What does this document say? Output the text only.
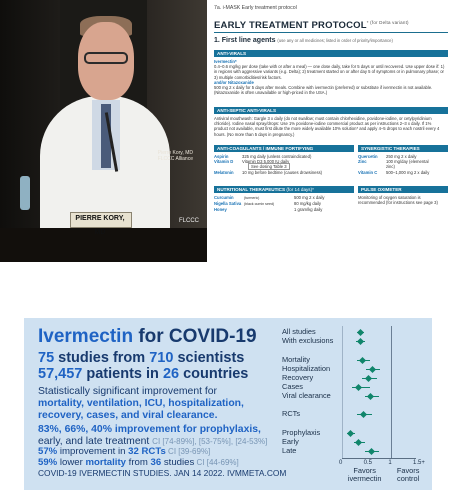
PIERRE KORY, MD
Pierre Kory, MD
FLCCC Alliance
FLCCC
7a. i-MASK Early treatment protocol
EARLY TREATMENT $PROTOCOL^{* (for Delta variant)}$
1. First line agents (use any or all medicines; listed in order of priority/importance)
ANTI-VIRALS
Ivermectin*
0.4–0.6 mg/kg per dose (take with or after a meal) — one dose daily, take for 5 days or until recovered. Use upper dose if: 1) in regions with aggressive variants (e.g. Delta); 2) treatment started on or after day 5 of symptoms or in pulmonary phase; or 3) multiple comorbidities/risk factors.
and/or Nitazoxanide
500 mg 2 x daily for 5 days after meals. Combine with ivermectin (preferred) or substitute if ivermectin is not available. (Nitazoxanide is often unavailable or high-priced in the USA.)
ANTI-SEPTIC ANTI-VIRALS
Antiviral mouthwash: Gargle 3 x daily (do not swallow; must contain chlorhexidine, povidone-iodine, or cetylpyridinium chloride). Iodine nasal spray/drops: Use 1% povidone-iodine commercial product as per instructions 2–3 x daily. If 1% product not available, must first dilute the more widely available 10% solution* and apply 4–5 drops to each nostril every 4 hours. (No more than 5 days in pregnancy.)
ANTI-COAGULANTS / IMMUNE FORTIFYING
Aspirin	325 mg daily (unless contraindicated)
Vitamin D Vitamin D3 5,000 IU daily
See dosing Table 3
Melatonin 10 mg before bedtime (causes drowsiness)
SYNERGISTIC THERAPIES
Quercetin 250 mg 2 x daily
Zinc	100 mg/day (elemental zinc)
Vitamin C 500–1,000 mg 2 x daily
NUTRITIONAL THERAPEUTICS (for 14 days)*
Curcumin	(turmeric)	500 mg 2 x daily
Nigella Sativa (black cumin seed)	80 mg/kg daily
Honey	1 gram/kg daily
PULSE OXIMETER
Monitoring of oxygen saturation is recommended (for instructions see page 3)
Ivermectin for COVID-19
75 studies from 710 scientists
57,457 patients in 26 countries
Statistically significant improvement for
mortality, ventilation, ICU, hospitalization,
recovery, cases, and viral clearance.
83%, 66%, 40% improvement for prophylaxis,
early, and late treatment CI [74-89%], [53-75%], [24-53%]
57% improvement in 32 RCTs CI [39-69%]
59% lower mortality from 36 studies CI [44-69%]
COVID-19 IVERMECTIN STUDIES. JAN 14 2022. IVMMETA.COM
All studies
With exclusions
Mortality
Hospitalization
Recovery
Cases
Viral clearance
RCTs
Prophylaxis
Early
Late
0	0.5	1	1.5+
Favors ivermectin
Favors control
